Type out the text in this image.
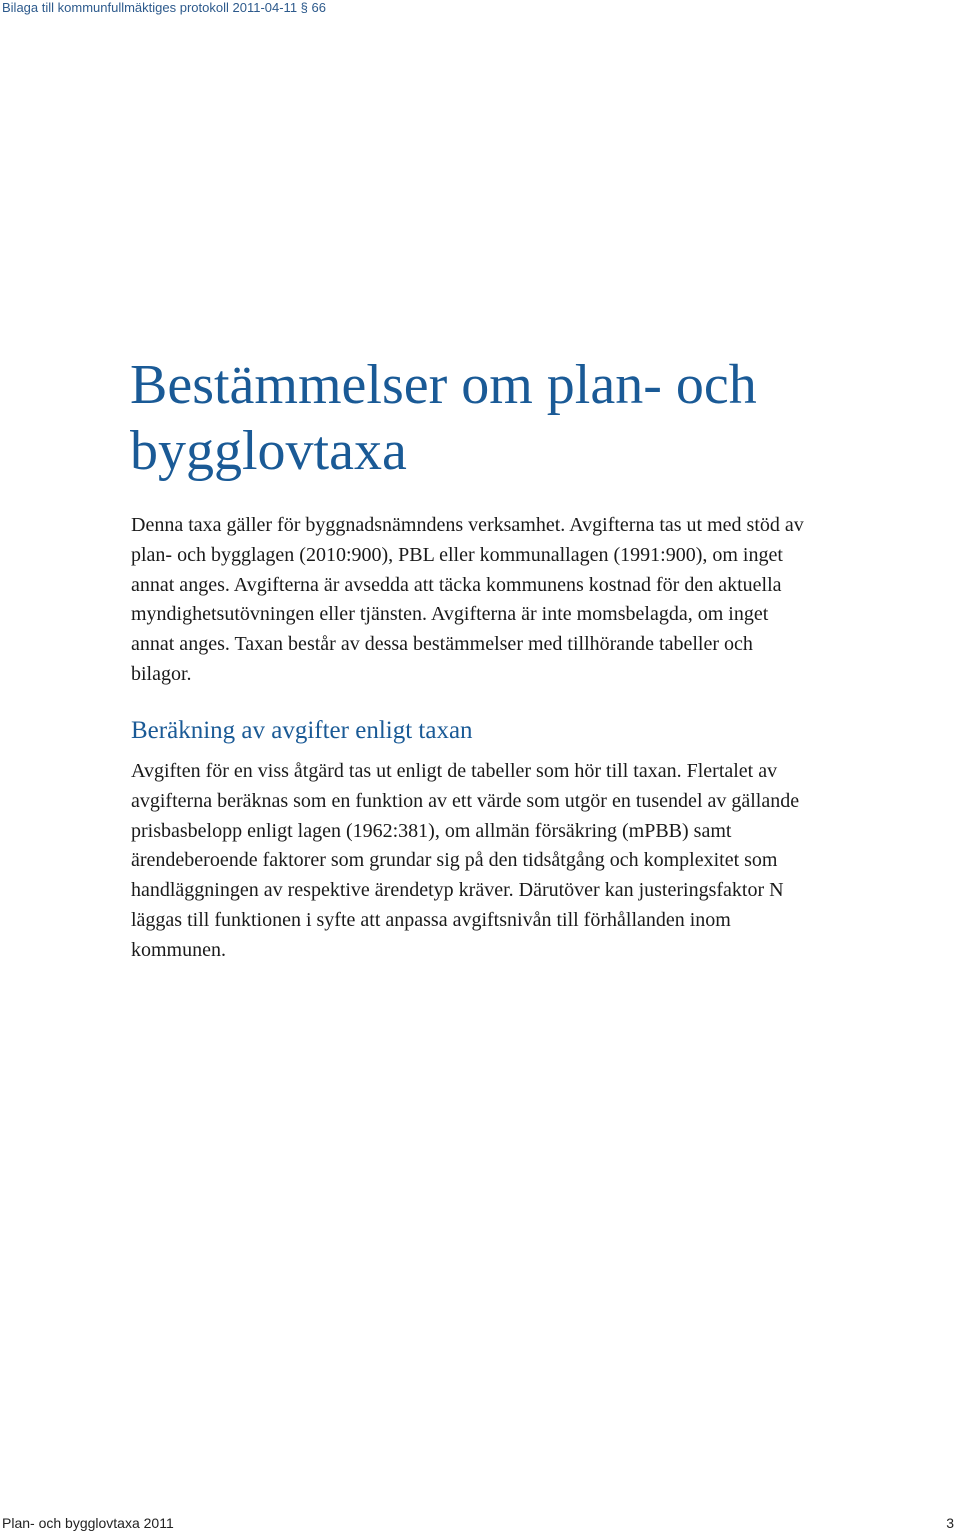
Bilaga till kommunfullmäktiges protokoll 2011-04-11 § 66
Bestämmelser om plan- och
bygglovtaxa

Denna taxa gäller för byggnadsnämndens verksamhet. Avgifterna tas ut med stöd av
plan- och bygglagen (2010:900), PBL eller kommunallagen (1991:900), om inget
annat anges. Avgifterna är avsedda att täcka kommunens kostnad för den aktuella
myndighetsutövningen eller tjänsten. Avgifterna är inte momsbelagda, om inget
annat anges. Taxan består av dessa bestämmelser med tillhörande tabeller och
bilagor.

Beräkning av avgifter enligt taxan

Avgiften för en viss åtgärd tas ut enligt de tabeller som hör till taxan. Flertalet av
avgifterna beräknas som en funktion av ett värde som utgör en tusendel av gällande
prisbasbelopp enligt lagen (1962:381), om allmän försäkring (mPBB) samt
ärendeberoende faktorer som grundar sig på den tidsåtgång och komplexitet som
handläggningen av respektive ärendetyp kräver. Därutöver kan justeringsfaktor N
läggas till funktionen i syfte att anpassa avgiftsnivån till förhållanden inom
kommunen.

Plan- och bygglovtaxa 2011	3
